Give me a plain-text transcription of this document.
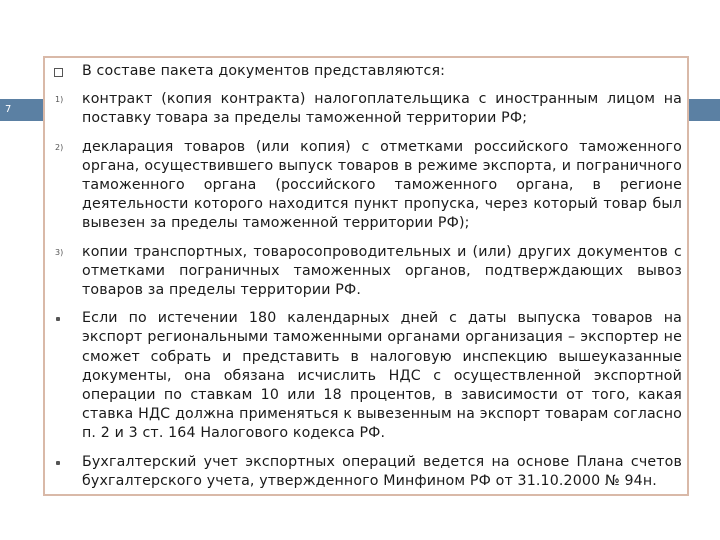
7

В составе пакета документов представляются:

1) контракт (копия контракта) налогоплательщика с иностранным лицом на поставку товара за пределы таможенной территории РФ;

2) декларация товаров (или копия) с отметками российского таможенного органа, осуществившего выпуск товаров в режиме экспорта, и пограничного таможенного органа (российского таможенного органа, в регионе деятельности которого находится пункт пропуска, через который товар был вывезен за пределы таможенной территории РФ);

3) копии транспортных, товаросопроводительных и (или) других документов с отметками пограничных таможенных органов, подтверждающих вывоз товаров за пределы территории РФ.

Если по истечении 180 календарных дней с даты выпуска товаров на экспорт региональными таможенными органами организация – экспортер не сможет собрать и представить в налоговую инспекцию вышеуказанные документы, она обязана исчислить НДС с осуществленной экспортной операции по ставкам 10 или 18 процентов, в зависимости от того, какая ставка НДС должна применяться к вывезенным на экспорт товарам согласно п. 2 и 3 ст. 164 Налогового кодекса РФ.

Бухгалтерский учет экспортных операций ведется на основе Плана счетов бухгалтерского учета, утвержденного Минфином РФ от 31.10.2000 № 94н.
